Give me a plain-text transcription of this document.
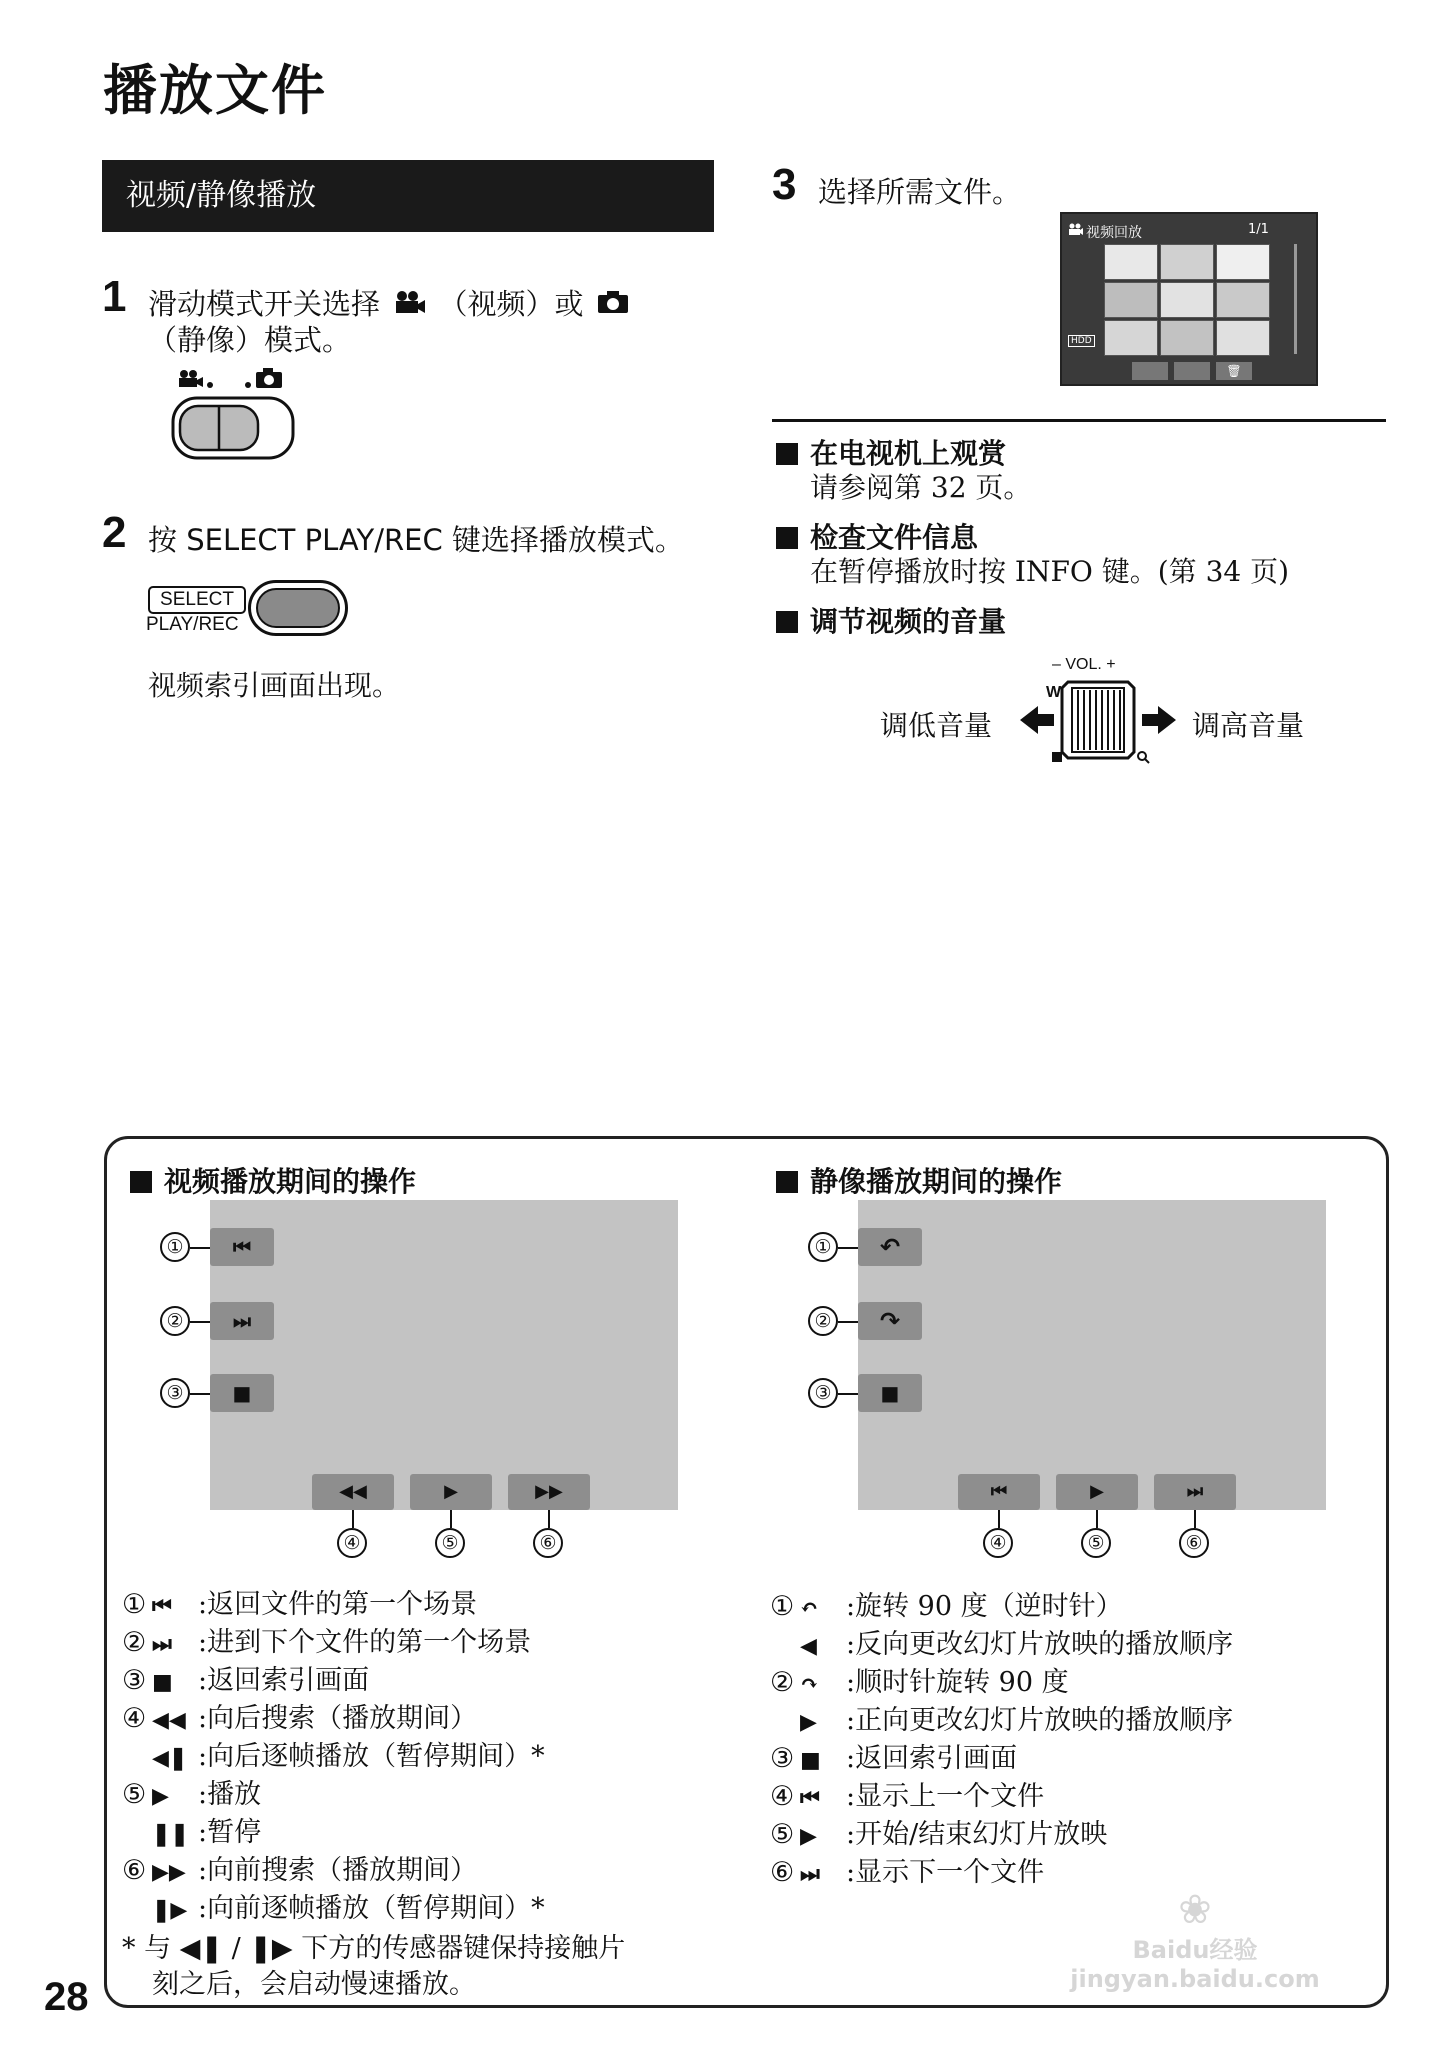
播放文件
视频/静像播放
1 滑动模式开关选择 （视频）或
（静像）模式。
2 按 SELECT PLAY/REC 键选择播放模式。
SELECT
PLAY/REC
视频索引画面出现。
3 选择所需文件。
视频回放	1/1
HDD
🗑
在电视机上观赏
请参阅第 32 页。
检查文件信息
在暂停播放时按 INFO 键。(第 34 页)
调节视频的音量
– VOL. +
W
调低音量	调高音量
视频播放期间的操作
①	⏮
②	⏭
③	■
◀◀	▶	▶▶
④	⑤	⑥
① ⏮ :返回文件的第一个场景
② ⏭ :进到下个文件的第一个场景
③ ■ :返回索引画面
④ ◀◀ :向后搜索（播放期间）
◀❚ :向后逐帧播放（暂停期间）*
⑤ ▶ :播放
❚❚ :暂停
⑥ ▶▶ :向前搜索（播放期间）
❚▶ :向前逐帧播放（暂停期间）*
* 与 ◀❚ / ❚▶ 下方的传感器键保持接触片
刻之后，会启动慢速播放。
静像播放期间的操作
①	↶
②	↷
③	■
⏮	▶	⏭
④	⑤	⑥
① ↶ :旋转 90 度（逆时针）
◀ :反向更改幻灯片放映的播放顺序
② ↷ :顺时针旋转 90 度
▶ :正向更改幻灯片放映的播放顺序
③ ■ :返回索引画面
④ ⏮ :显示上一个文件
⑤ ▶ :开始/结束幻灯片放映
⑥ ⏭ :显示下一个文件
28
❀
Baidu经验 jingyan.baidu.com
